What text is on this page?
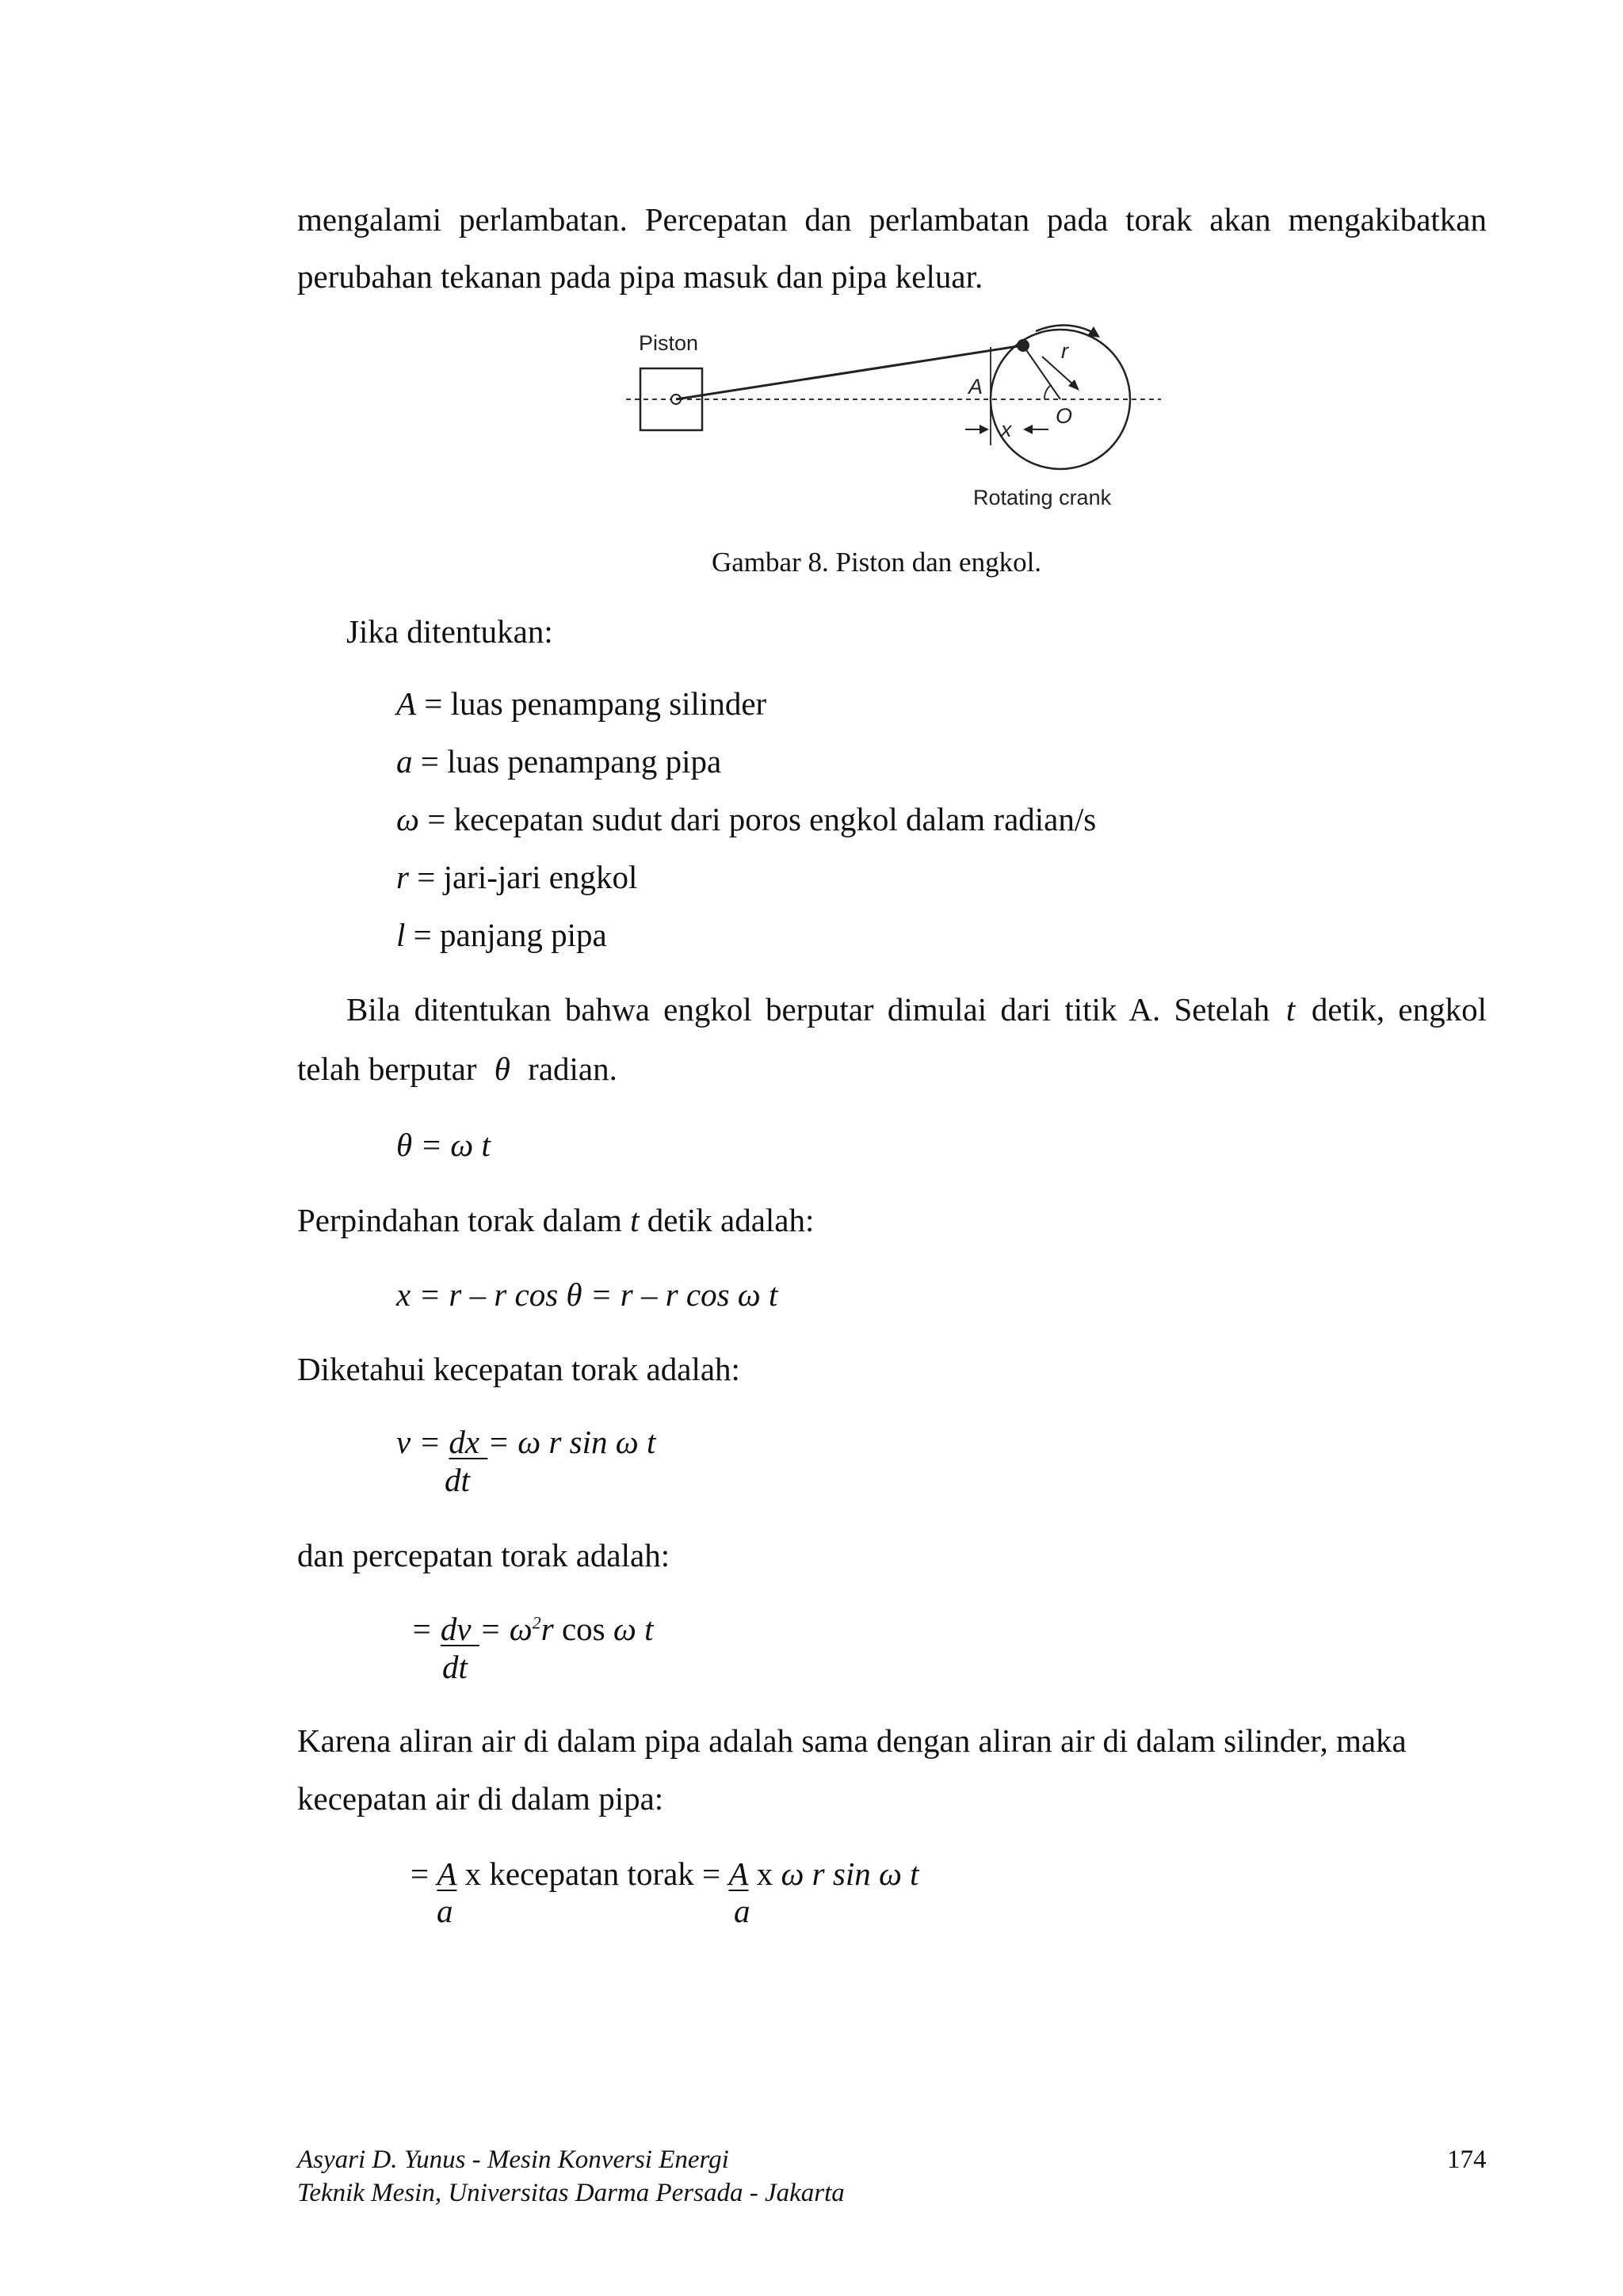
mengalami perlambatan. Percepatan dan perlambatan pada torak akan mengakibatkan
perubahan tekanan pada pipa masuk dan pipa keluar.
Piston	r
A
O
x
Rotating crank
Gambar 8. Piston dan engkol.
Jika ditentukan:
A = luas penampang silinder
a = luas penampang pipa
ω = kecepatan sudut dari poros engkol dalam radian/s
r = jari-jari engkol
l = panjang pipa
Bila ditentukan bahwa engkol berputar dimulai dari titik A. Setelah t detik, engkol
telah berputar θ radian.
θ = ω t
Perpindahan torak dalam t detik adalah:
x = r – r cos θ = r – r cos ω t
Diketahui kecepatan torak adalah:
v = dx = ω r sin ω t
dt
dan percepatan torak adalah:
= dv = $\omega^2r$ cos ω t
dt
Karena aliran air di dalam pipa adalah sama dengan aliran air di dalam silinder, maka
kecepatan air di dalam pipa:
= A x kecepatan torak = A x ω r sin ω t
a	a
Asyari D. Yunus - Mesin Konversi Energi
Teknik Mesin, Universitas Darma Persada - Jakarta
174
